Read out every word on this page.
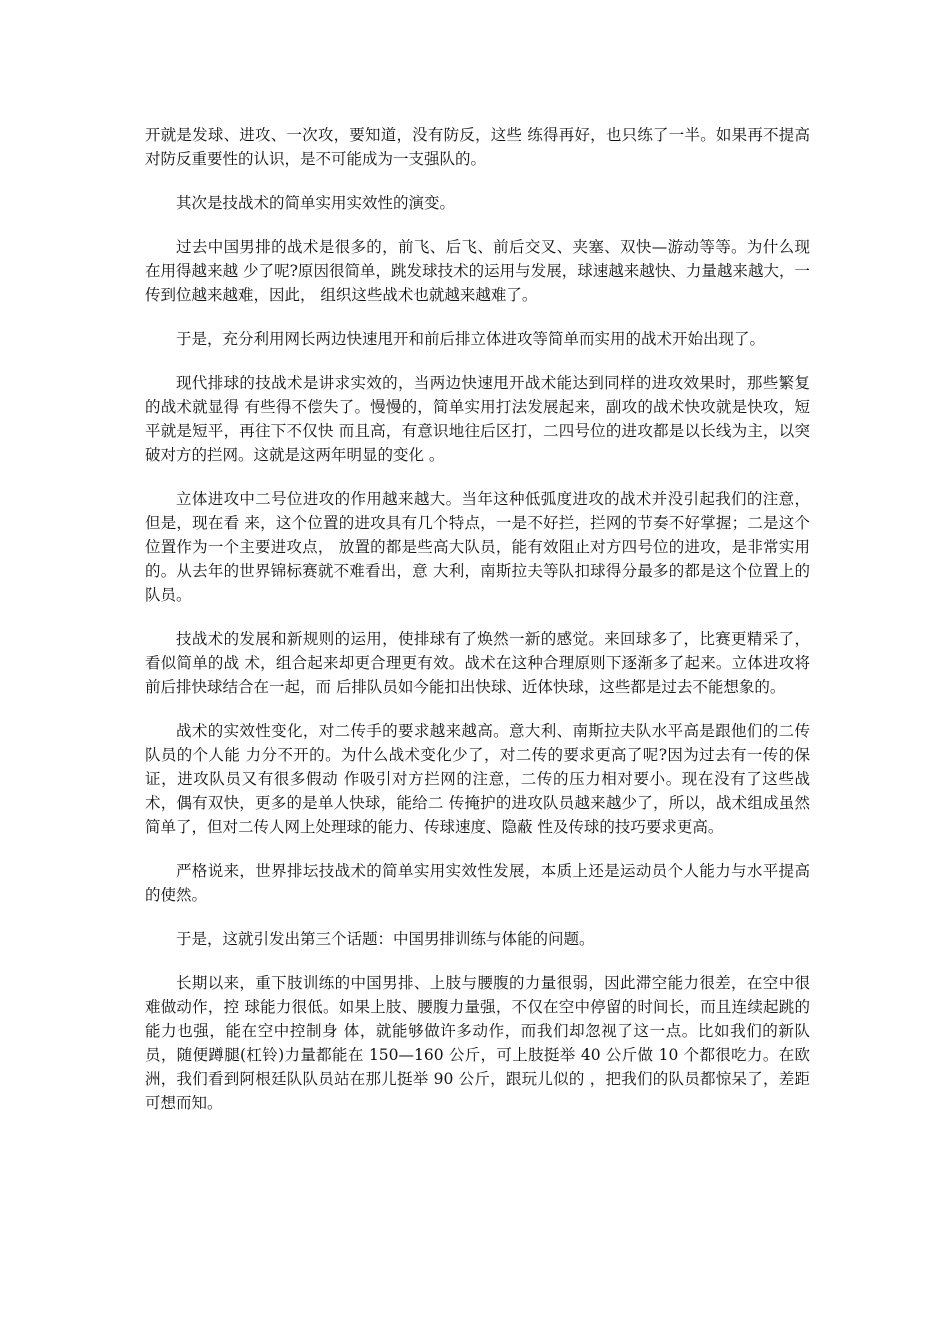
开就是发球、进攻、一次攻，要知道，没有防反，这些 练得再好，也只练了一半。如果再不提高对防反重要性的认识，是不可能成为一支强队的。

其次是技战术的简单实用实效性的演变。

过去中国男排的战术是很多的，前飞、后飞、前后交叉、夹塞、双快—游动等等。为什么现在用得越来越 少了呢?原因很简单，跳发球技术的运用与发展，球速越来越快、力量越来越大，一传到位越来越难，因此， 组织这些战术也就越来越难了。

于是，充分利用网长两边快速甩开和前后排立体进攻等简单而实用的战术开始出现了。

现代排球的技战术是讲求实效的，当两边快速甩开战术能达到同样的进攻效果时，那些繁复的战术就显得 有些得不偿失了。慢慢的，简单实用打法发展起来，副攻的战术快攻就是快攻，短平就是短平，再往下不仅快 而且高，有意识地往后区打，二四号位的进攻都是以长线为主，以突破对方的拦网。这就是这两年明显的变化 。

立体进攻中二号位进攻的作用越来越大。当年这种低弧度进攻的战术并没引起我们的注意，但是，现在看 来，这个位置的进攻具有几个特点，一是不好拦，拦网的节奏不好掌握；二是这个位置作为一个主要进攻点， 放置的都是些高大队员，能有效阻止对方四号位的进攻，是非常实用的。从去年的世界锦标赛就不难看出，意 大利，南斯拉夫等队扣球得分最多的都是这个位置上的队员。

技战术的发展和新规则的运用，使排球有了焕然一新的感觉。来回球多了，比赛更精采了，看似简单的战 术，组合起来却更合理更有效。战术在这种合理原则下逐渐多了起来。立体进攻将前后排快球结合在一起，而 后排队员如今能扣出快球、近体快球，这些都是过去不能想象的。

战术的实效性变化，对二传手的要求越来越高。意大利、南斯拉夫队水平高是跟他们的二传队员的个人能 力分不开的。为什么战术变化少了，对二传的要求更高了呢?因为过去有一传的保证，进攻队员又有很多假动 作吸引对方拦网的注意，二传的压力相对要小。现在没有了这些战术，偶有双快，更多的是单人快球，能给二 传掩护的进攻队员越来越少了，所以，战术组成虽然简单了，但对二传人网上处理球的能力、传球速度、隐蔽 性及传球的技巧要求更高。

严格说来，世界排坛技战术的简单实用实效性发展，本质上还是运动员个人能力与水平提高的使然。

于是，这就引发出第三个话题：中国男排训练与体能的问题。

长期以来，重下肢训练的中国男排、上肢与腰腹的力量很弱，因此滞空能力很差，在空中很难做动作，控 球能力很低。如果上肢、腰腹力量强，不仅在空中停留的时间长，而且连续起跳的能力也强，能在空中控制身 体，就能够做许多动作，而我们却忽视了这一点。比如我们的新队员，随便蹲腿(杠铃)力量都能在 150—160 公斤，可上肢挺举 40 公斤做 10 个都很吃力。在欧洲，我们看到阿根廷队队员站在那儿挺举 90 公斤，跟玩儿似的 ，把我们的队员都惊呆了，差距可想而知。
